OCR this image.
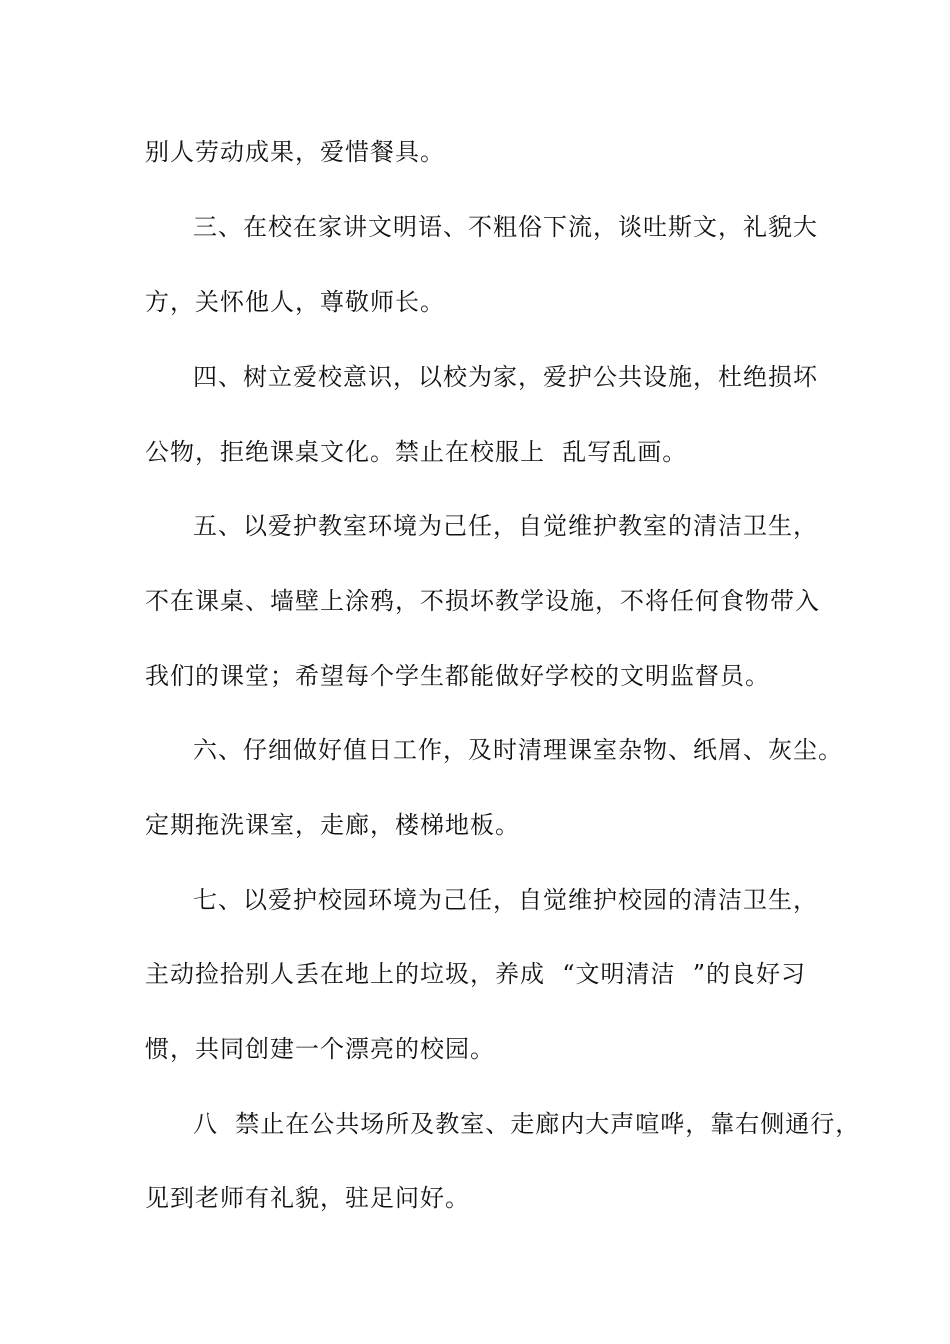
别人劳动成果，爱惜餐具。
三、在校在家讲文明语、不粗俗下流，谈吐斯文，礼貌大
方，关怀他人，尊敬师长。
四、树立爱校意识，以校为家，爱护公共设施，杜绝损坏
公物，拒绝课桌文化。禁止在校服上  乱写乱画。
五、以爱护教室环境为己任，自觉维护教室的清洁卫生，
不在课桌、墙壁上涂鸦，不损坏教学设施，不将任何食物带入
我们的课堂；希望每个学生都能做好学校的文明监督员。
六、仔细做好值日工作，及时清理课室杂物、纸屑、灰尘。
定期拖洗课室，走廊，楼梯地板。
七、以爱护校园环境为己任，自觉维护校园的清洁卫生，
主动捡拾别人丢在地上的垃圾，养成  “文明清洁  ”的良好习
惯，共同创建一个漂亮的校园。
八  禁止在公共场所及教室、走廊内大声喧哗，靠右侧通行，
见到老师有礼貌，驻足问好。
